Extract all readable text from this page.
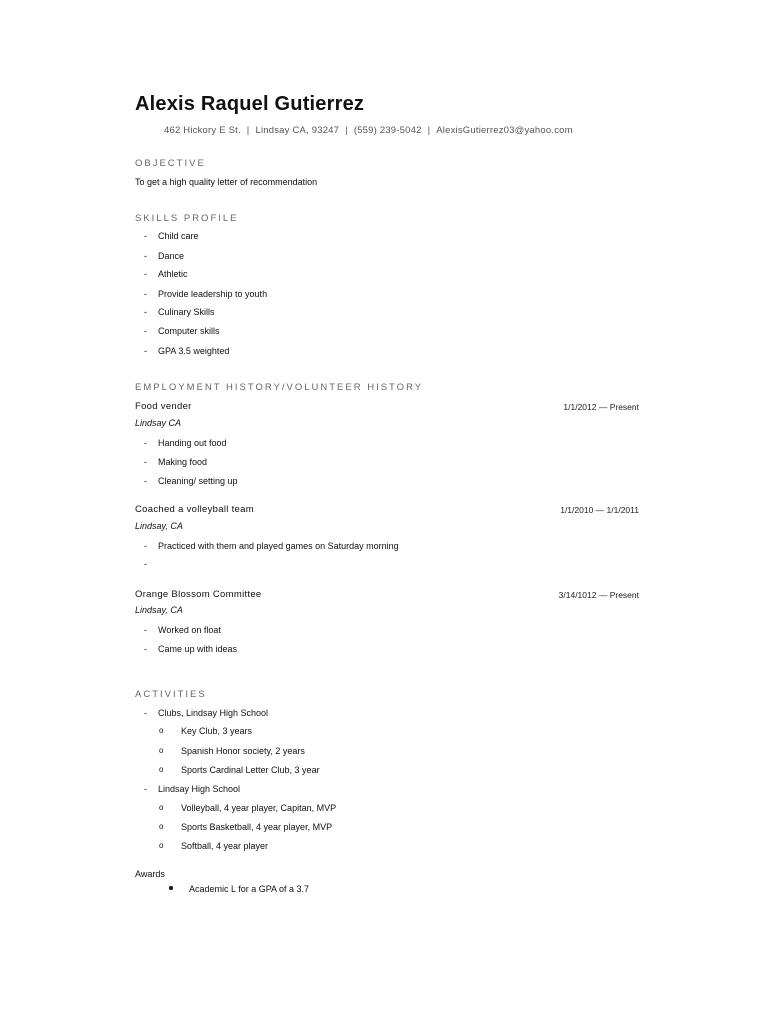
Alexis Raquel Gutierrez
462 Hickory E St. | Lindsay CA, 93247 | (559) 239-5042 | AlexisGutierrez03@yahoo.com
OBJECTIVE
To get a high quality letter of recommendation
SKILLS PROFILE
- Child care
- Dance
- Athletic
- Provide leadership to youth
- Culinary Skills
- Computer skills
- GPA 3.5 weighted
EMPLOYMENT HISTORY/VOLUNTEER HISTORY
Food vender	1/1/2012 — Present
Lindsay CA
- Handing out food
- Making food
- Cleaning/ setting up
Coached a volleyball team	1/1/2010 — 1/1/2011
Lindsay, CA
- Practiced with them and played games on Saturday morning
-
Orange Blossom Committee	3/14/1012 — Present
Lindsay, CA
- Worked on float
- Came up with ideas
ACTIVITIES
- Clubs, Lindsay High School
o Key Club, 3 years
o Spanish Honor society, 2 years
o Sports Cardinal Letter Club, 3 year
- Lindsay High School
o Volleyball, 4 year player, Capitan, MVP
o Sports Basketball, 4 year player, MVP
o Softball, 4 year player
Awards
Academic L for a GPA of a 3.7
